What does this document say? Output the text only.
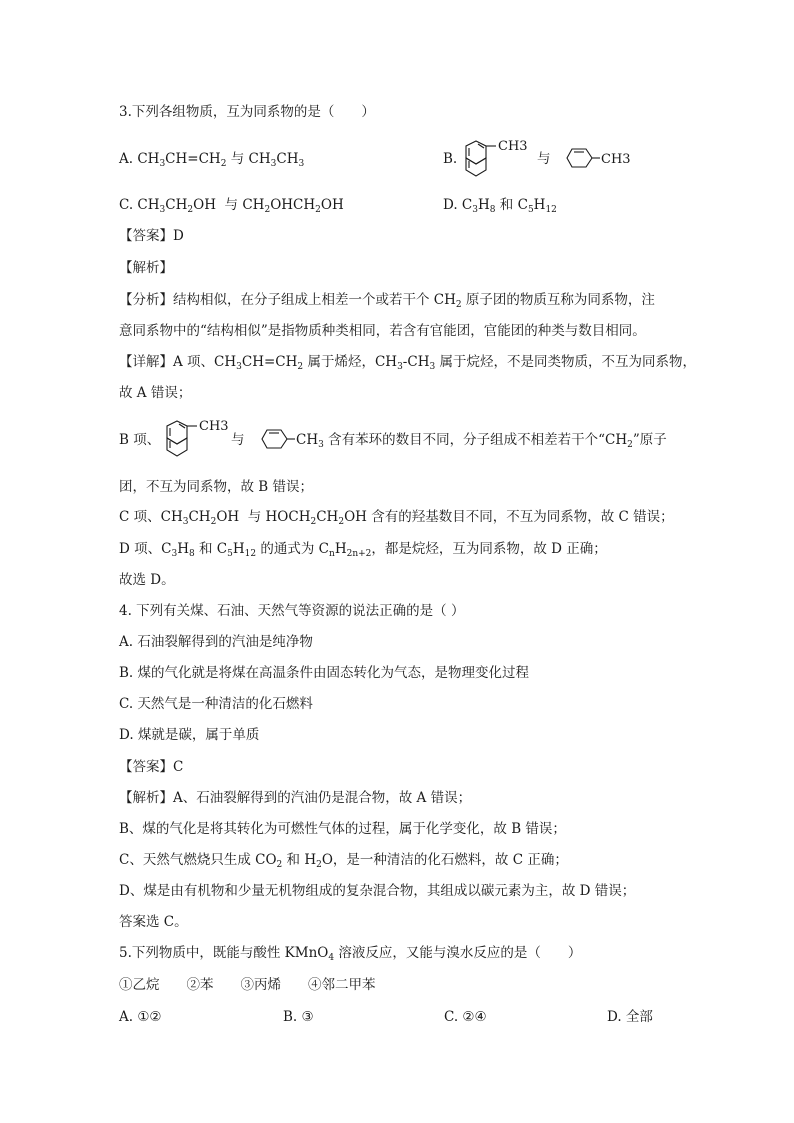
3.下列各组物质，互为同系物的是（　　）
A. $CH_3CH=CH_2$ 与 $CH_3CH_3$	B.
CH3
与	CH3
C. $CH_3CH_2OH$  与 $CH_2OHCH_2OH$	D. $C_3H_8$ 和 $C_5H_{12}$
【答案】D
【解析】
【分析】结构相似，在分子组成上相差一个或若干个 $CH_2$ 原子团的物质互称为同系物，注
意同系物中的“结构相似”是指物质种类相同，若含有官能团，官能团的种类与数目相同。
【详解】A 项、$CH_3CH=CH_2$ 属于烯烃，$CH_3-CH_3$ 属于烷烃，不是同类物质，不互为同系物，
故 A 错误；
B 项、
CH3
与	$CH_3$ 含有苯环的数目不同，分子组成不相差若干个“$CH_2$”原子
团，不互为同系物，故 B 错误；
C 项、$CH_3CH_2OH$  与 $HOCH_2CH_2OH$ 含有的羟基数目不同，不互为同系物，故 C 错误；
D 项、$C_3H_8$ 和 $C_5H_{12}$ 的通式为 $C_nH_{2n+2}$，都是烷烃，互为同系物，故 D 正确；
故选 D。
4. 下列有关煤、石油、天然气等资源的说法正确的是（ ）
A. 石油裂解得到的汽油是纯净物
B. 煤的气化就是将煤在高温条件由固态转化为气态，是物理变化过程
C. 天然气是一种清洁的化石燃料
D. 煤就是碳，属于单质
【答案】C
【解析】A、石油裂解得到的汽油仍是混合物，故 A 错误；
B、煤的气化是将其转化为可燃性气体的过程，属于化学变化，故 B 错误；
C、天然气燃烧只生成 $CO_2$ 和 $H_2O$，是一种清洁的化石燃料，故 C 正确；
D、煤是由有机物和少量无机物组成的复杂混合物，其组成以碳元素为主，故 D 错误；
答案选 C。
5.下列物质中，既能与酸性 KMnO$_4$ 溶液反应，又能与溴水反应的是（　　）
①乙烷　　②苯　　③丙烯　　④邻二甲苯
A. ①②	B. ③	C. ②④	D. 全部
